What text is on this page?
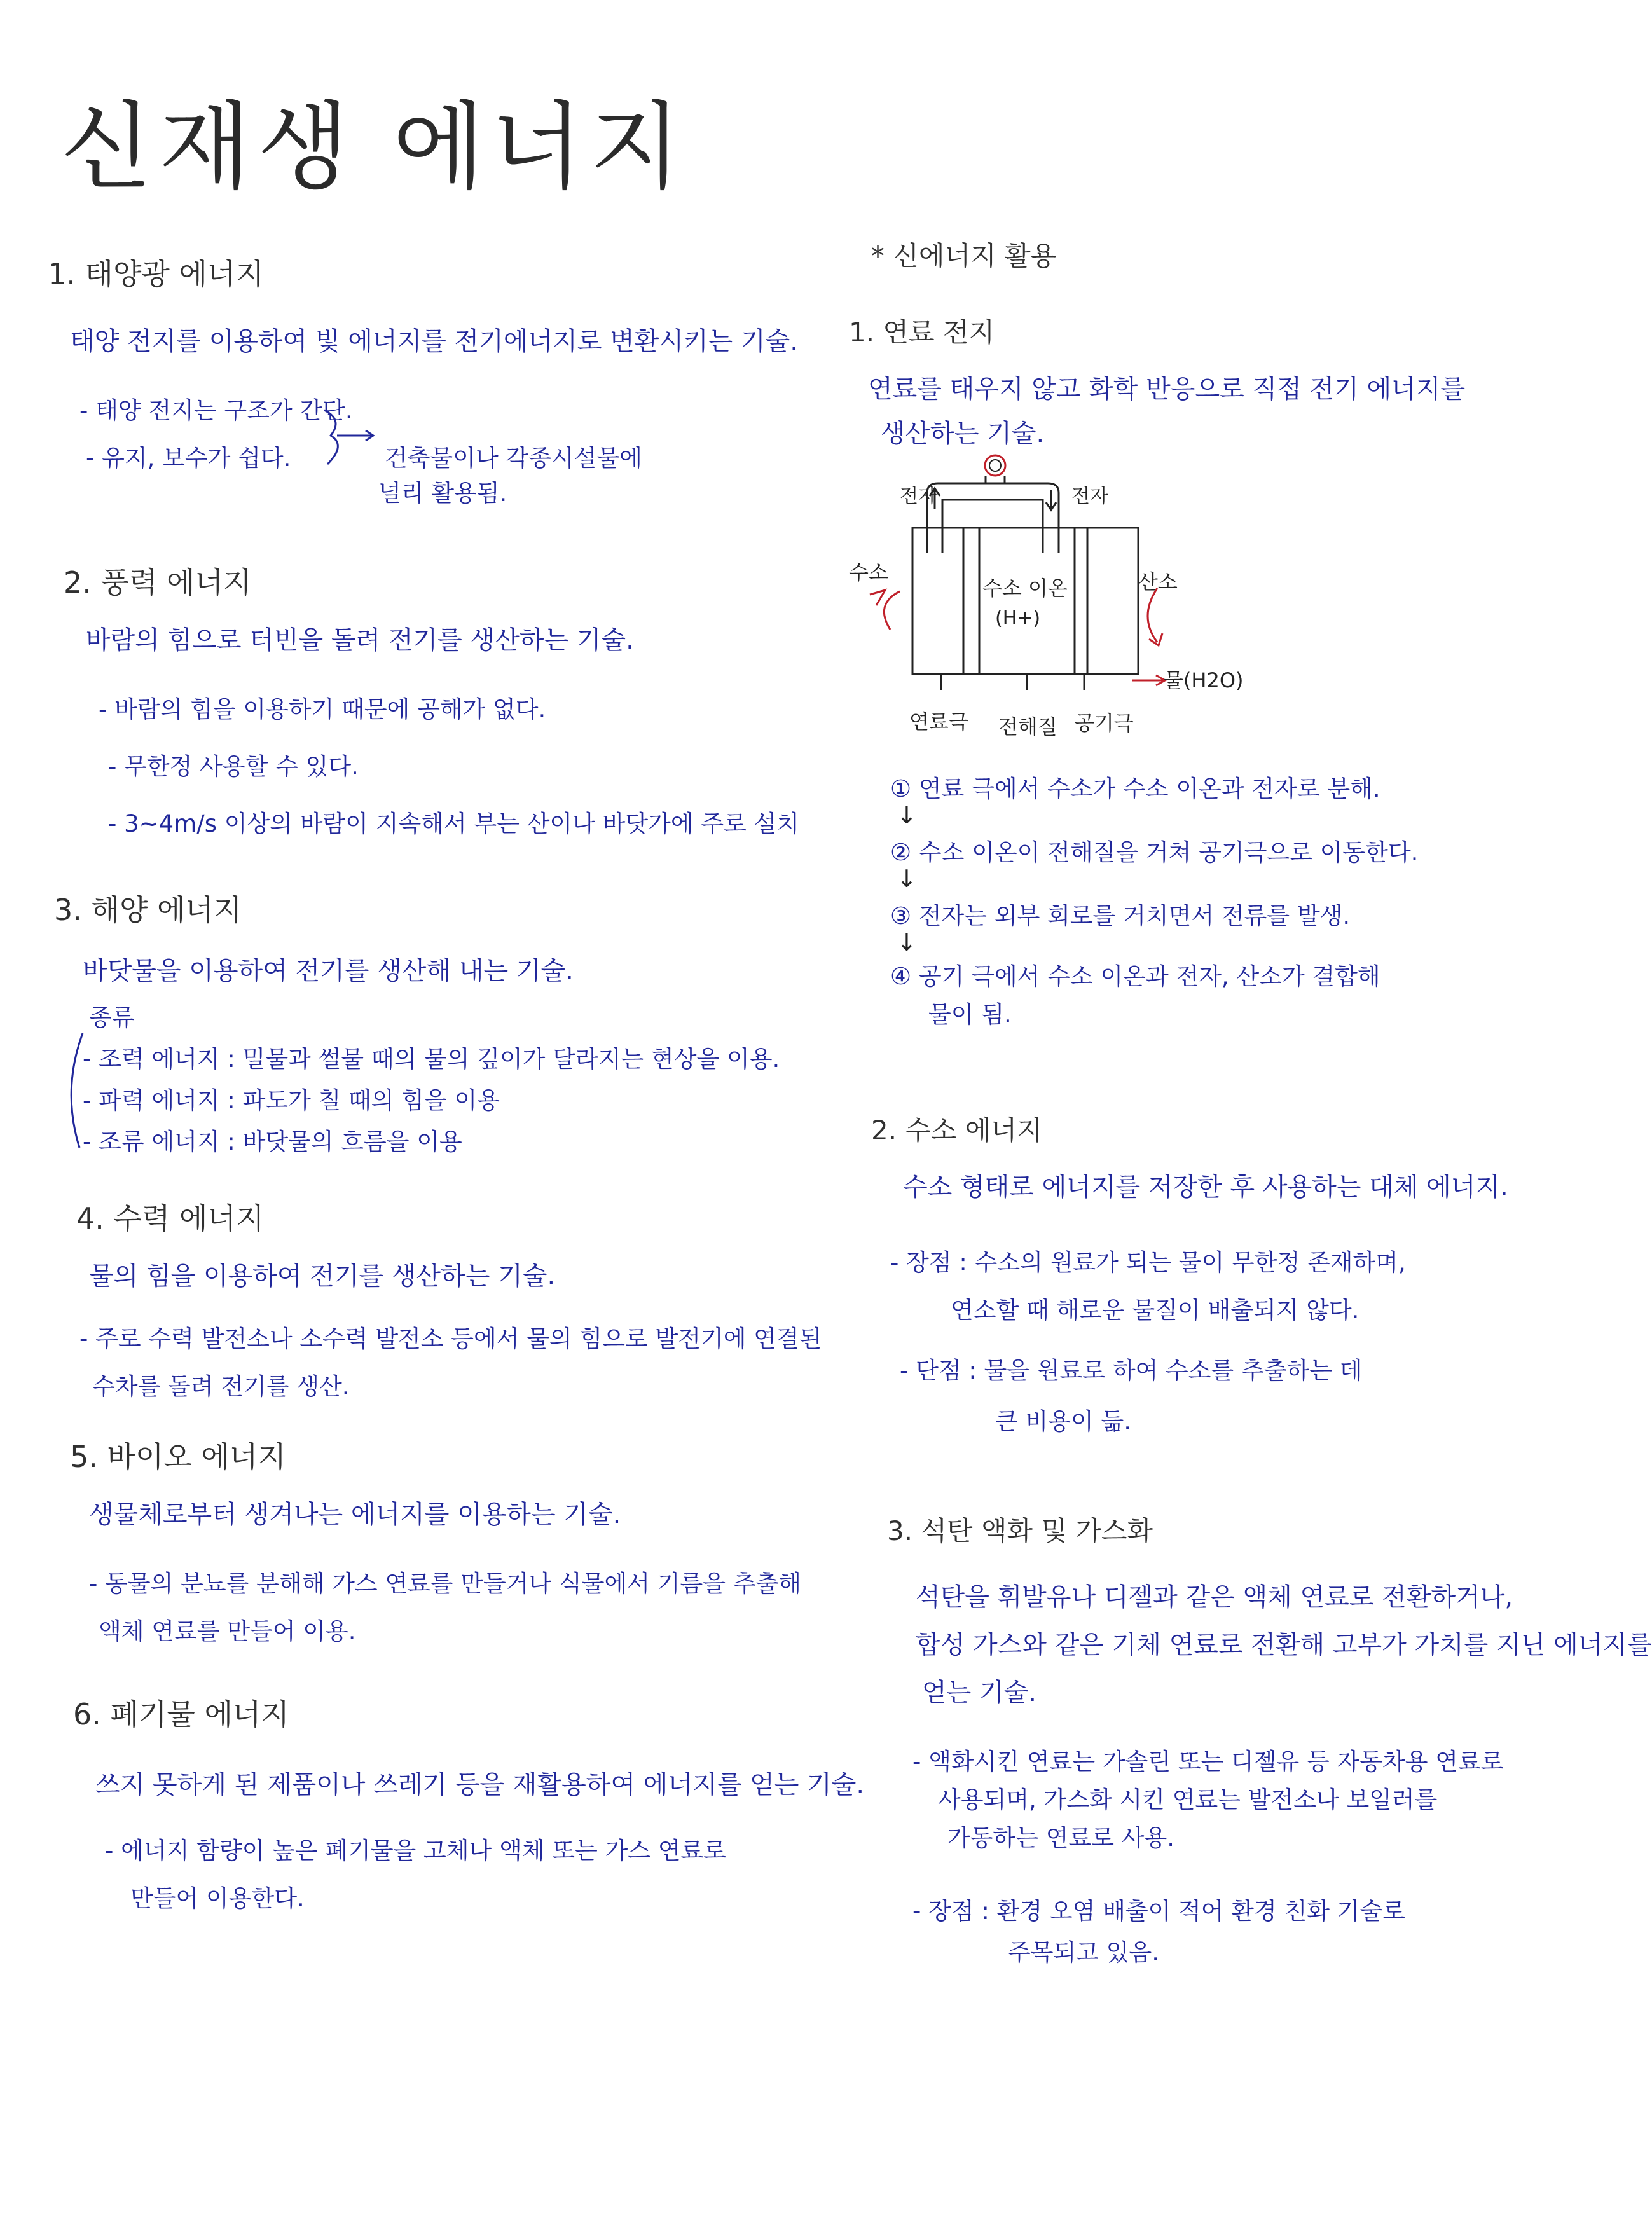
신재생 에너지
1. 태양광 에너지
태양 전지를 이용하여 빛 에너지를 전기에너지로 변환시키는 기술.
- 태양 전지는 구조가 간단.
- 유지, 보수가 쉽다.	건축물이나 각종시설물에
널리 활용됨.
2. 풍력 에너지
바람의 힘으로 터빈을 돌려 전기를 생산하는 기술.
- 바람의 힘을 이용하기 때문에 공해가 없다.
- 무한정 사용할 수 있다.
- 3~4m/s 이상의 바람이 지속해서 부는 산이나 바닷가에 주로 설치
3. 해양 에너지
바닷물을 이용하여 전기를 생산해 내는 기술.
종류
- 조력 에너지 : 밀물과 썰물 때의 물의 깊이가 달라지는 현상을 이용.
- 파력 에너지 : 파도가 칠 때의 힘을 이용
- 조류 에너지 : 바닷물의 흐름을 이용
4. 수력 에너지
물의 힘을 이용하여 전기를 생산하는 기술.
- 주로 수력 발전소나 소수력 발전소 등에서 물의 힘으로 발전기에 연결된
수차를 돌려 전기를 생산.
5. 바이오 에너지
생물체로부터 생겨나는 에너지를 이용하는 기술.
- 동물의 분뇨를 분해해 가스 연료를 만들거나 식물에서 기름을 추출해
액체 연료를 만들어 이용.
6. 폐기물 에너지
쓰지 못하게 된 제품이나 쓰레기 등을 재활용하여 에너지를 얻는 기술.
- 에너지 함량이 높은 폐기물을 고체나 액체 또는 가스 연료로
만들어 이용한다.
* 신에너지 활용
1. 연료 전지
연료를 태우지 않고 화학 반응으로 직접 전기 에너지를
생산하는 기술.
전자	전자
수소	산소
수소 이온
(H+)
물(H2O)
연료극 전해질 공기극
① 연료 극에서 수소가 수소 이온과 전자로 분해.
↓
② 수소 이온이 전해질을 거쳐 공기극으로 이동한다.
↓
③ 전자는 외부 회로를 거치면서 전류를 발생.
↓
④ 공기 극에서 수소 이온과 전자, 산소가 결합해
물이 됨.
2. 수소 에너지
수소 형태로 에너지를 저장한 후 사용하는 대체 에너지.
- 장점 : 수소의 원료가 되는 물이 무한정 존재하며,
연소할 때 해로운 물질이 배출되지 않다.
- 단점 : 물을 원료로 하여 수소를 추출하는 데
큰 비용이 듦.
3. 석탄 액화 및 가스화
석탄을 휘발유나 디젤과 같은 액체 연료로 전환하거나,
합성 가스와 같은 기체 연료로 전환해 고부가 가치를 지닌 에너지를
얻는 기술.
- 액화시킨 연료는 가솔린 또는 디젤유 등 자동차용 연료로
사용되며, 가스화 시킨 연료는 발전소나 보일러를
가동하는 연료로 사용.
- 장점 : 환경 오염 배출이 적어 환경 친화 기술로
주목되고 있음.
